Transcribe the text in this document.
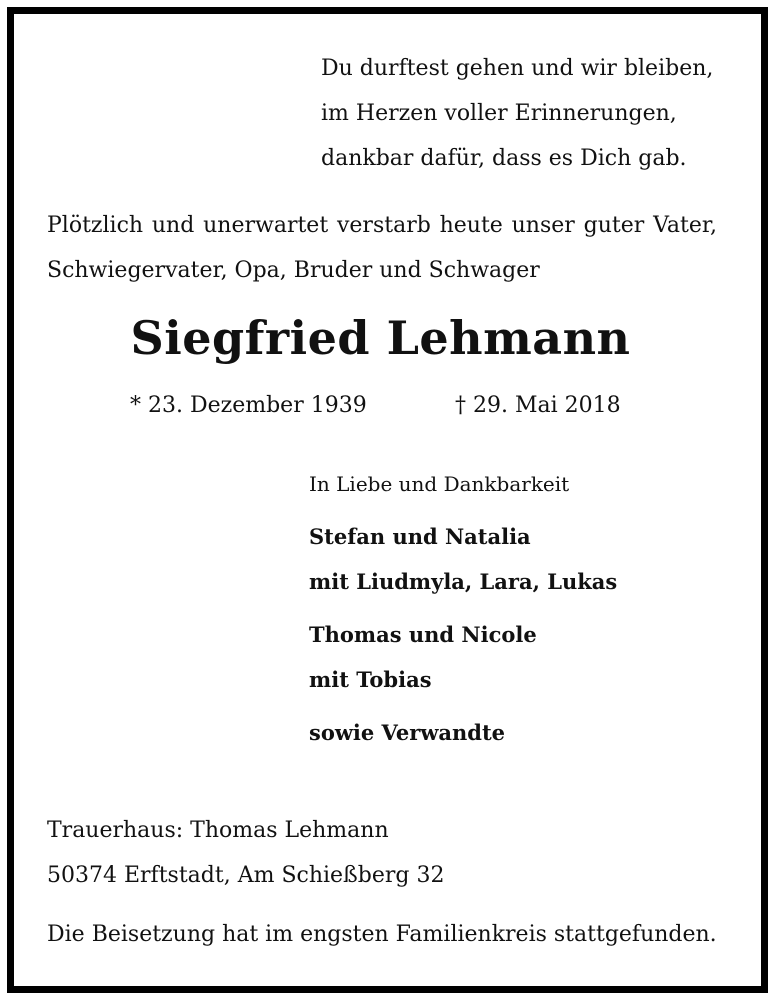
Du durftest gehen und wir bleiben,
im Herzen voller Erinnerungen,
dankbar dafür, dass es Dich gab.
Plötzlich und unerwartet verstarb heute unser guter Vater,
Schwiegervater, Opa, Bruder und Schwager
Siegfried Lehmann
* 23. Dezember 1939	† 29. Mai 2018
In Liebe und Dankbarkeit
Stefan und Natalia
mit Liudmyla, Lara, Lukas
Thomas und Nicole
mit Tobias
sowie Verwandte
Trauerhaus: Thomas Lehmann
50374 Erftstadt, Am Schießberg 32
Die Beisetzung hat im engsten Familienkreis stattgefunden.
